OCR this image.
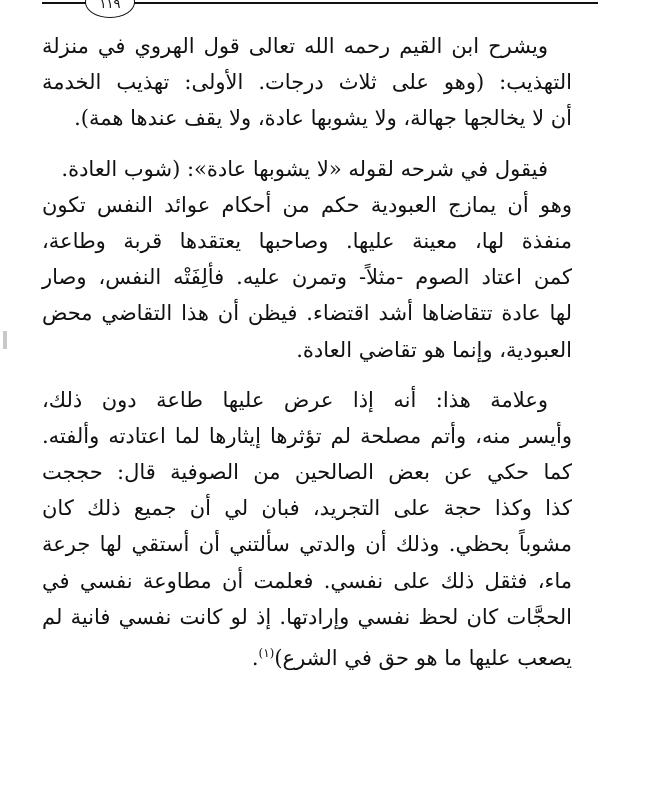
١١٩
ويشرح ابن القيم رحمه الله تعالى قول الهروي في منزلة
التهذيب: (وهو على ثلاث درجات. الأولى: تهذيب الخدمة
أن لا يخالجها جهالة، ولا يشوبها عادة، ولا يقف عندها همة).
فيقول في شرحه لقوله «لا يشوبها عادة»: (شوب العادة.
وهو أن يمازج العبودية حكم من أحكام عوائد النفس تكون
منفذة لها، معينة عليها. وصاحبها يعتقدها قربة وطاعة،
كمن اعتاد الصوم -مثلاً- وتمرن عليه. فألِفَتْه النفس، وصار
لها عادة تتقاضاها أشد اقتضاء. فيظن أن هذا التقاضي محض
العبودية، وإنما هو تقاضي العادة.
وعلامة هذا: أنه إذا عرض عليها طاعة دون ذلك،
وأيسر منه، وأتم مصلحة لم تؤثرها إيثارها لما اعتادته وألفته.
كما حكي عن بعض الصالحين من الصوفية قال: حججت
كذا وكذا حجة على التجريد، فبان لي أن جميع ذلك كان
مشوباً بحظي. وذلك أن والدتي سألتني أن أستقي لها جرعة
ماء، فثقل ذلك على نفسي. فعلمت أن مطاوعة نفسي في
الحجَّات كان لحظ نفسي وإرادتها. إذ لو كانت نفسي فانية لم
يصعب عليها ما هو حق في الشرع)$^{(١)}$.
